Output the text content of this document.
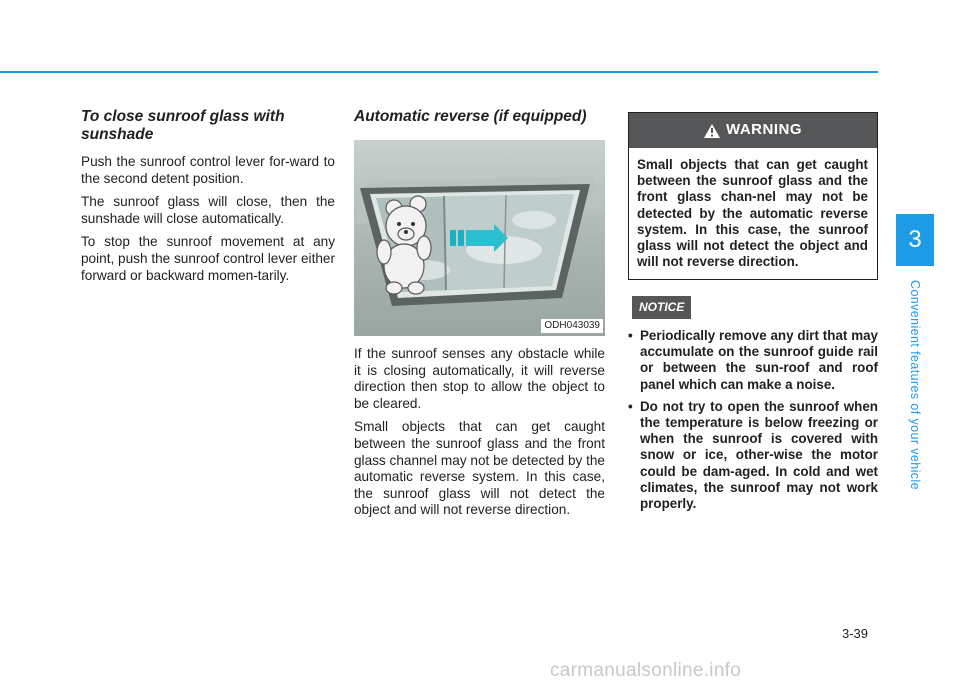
3
Convenient features of your vehicle
To close sunroof glass with sunshade

Push the sunroof control lever for-ward to the second detent position.

The sunroof glass will close, then the sunshade will close automatically.

To stop the sunroof movement at any point, push the sunroof control lever either forward or backward momen-tarily.

Automatic reverse (if equipped)
ODH043039

If the sunroof senses any obstacle while it is closing automatically, it will reverse direction then stop to allow the object to be cleared.

Small objects that can get caught between the sunroof glass and the front glass channel may not be detected by the automatic reverse system. In this case, the sunroof glass will not detect the object and will not reverse direction.

WARNING
Small objects that can get caught between the sunroof glass and the front glass chan-nel may not be detected by the automatic reverse system. In this case, the sunroof glass will not detect the object and will not reverse direction.
NOTICE
• Periodically remove any dirt that may accumulate on the sunroof guide rail or between the sun-roof and roof panel which can make a noise.
• Do not try to open the sunroof when the temperature is below freezing or when the sunroof is covered with snow or ice, other-wise the motor could be dam-aged. In cold and wet climates, the sunroof may not work properly.
3-39
carmanualsonline.info
